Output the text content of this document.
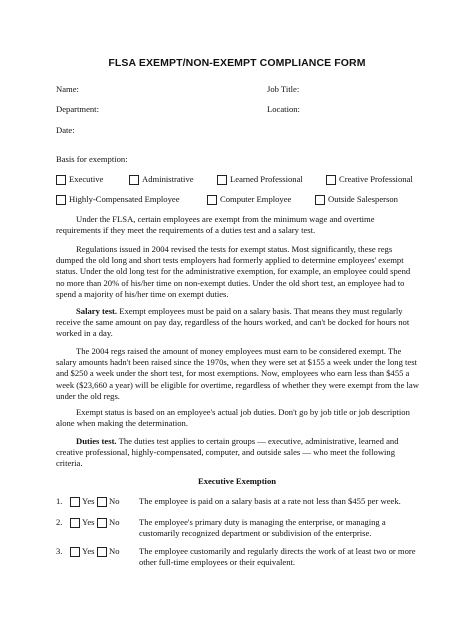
FLSA EXEMPT/NON-EXEMPT COMPLIANCE FORM
Name:	Job Title:
Department:	Location:
Date:
Basis for exemption:
Executive	Administrative	Learned Professional	Creative Professional
Highly-Compensated Employee	Computer Employee	Outside Salesperson
Under the FLSA, certain employees are exempt from the minimum wage and overtime requirements if they meet the requirements of a duties test and a salary test.
Regulations issued in 2004 revised the tests for exempt status. Most significantly, these regs dumped the old long and short tests employers had formerly applied to determine employees' exempt status. Under the old long test for the administrative exemption, for example, an employee could spend no more than 20% of his/her time on non-exempt duties. Under the old short test, an employee had to spend a majority of his/her time on exempt duties.
Salary test. Exempt employees must be paid on a salary basis. That means they must regularly receive the same amount on pay day, regardless of the hours worked, and can't be docked for hours not worked in a day.
The 2004 regs raised the amount of money employees must earn to be considered exempt. The salary amounts hadn't been raised since the 1970s, when they were set at $155 a week under the long test and $250 a week under the short test, for most exemptions. Now, employees who earn less than $455 a week ($23,660 a year) will be eligible for overtime, regardless of whether they were exempt from the law under the old regs.
Exempt status is based on an employee's actual job duties. Don't go by job title or job description alone when making the determination.
Duties test. The duties test applies to certain groups — executive, administrative, learned and creative professional, highly-compensated, computer, and outside sales — who meet the following criteria.
Executive Exemption
1. Yes No The employee is paid on a salary basis at a rate not less than $455 per week.
2. Yes No The employee's primary duty is managing the enterprise, or managing a customarily recognized department or subdivision of the enterprise.
3. Yes No The employee customarily and regularly directs the work of at least two or more other full-time employees or their equivalent.
